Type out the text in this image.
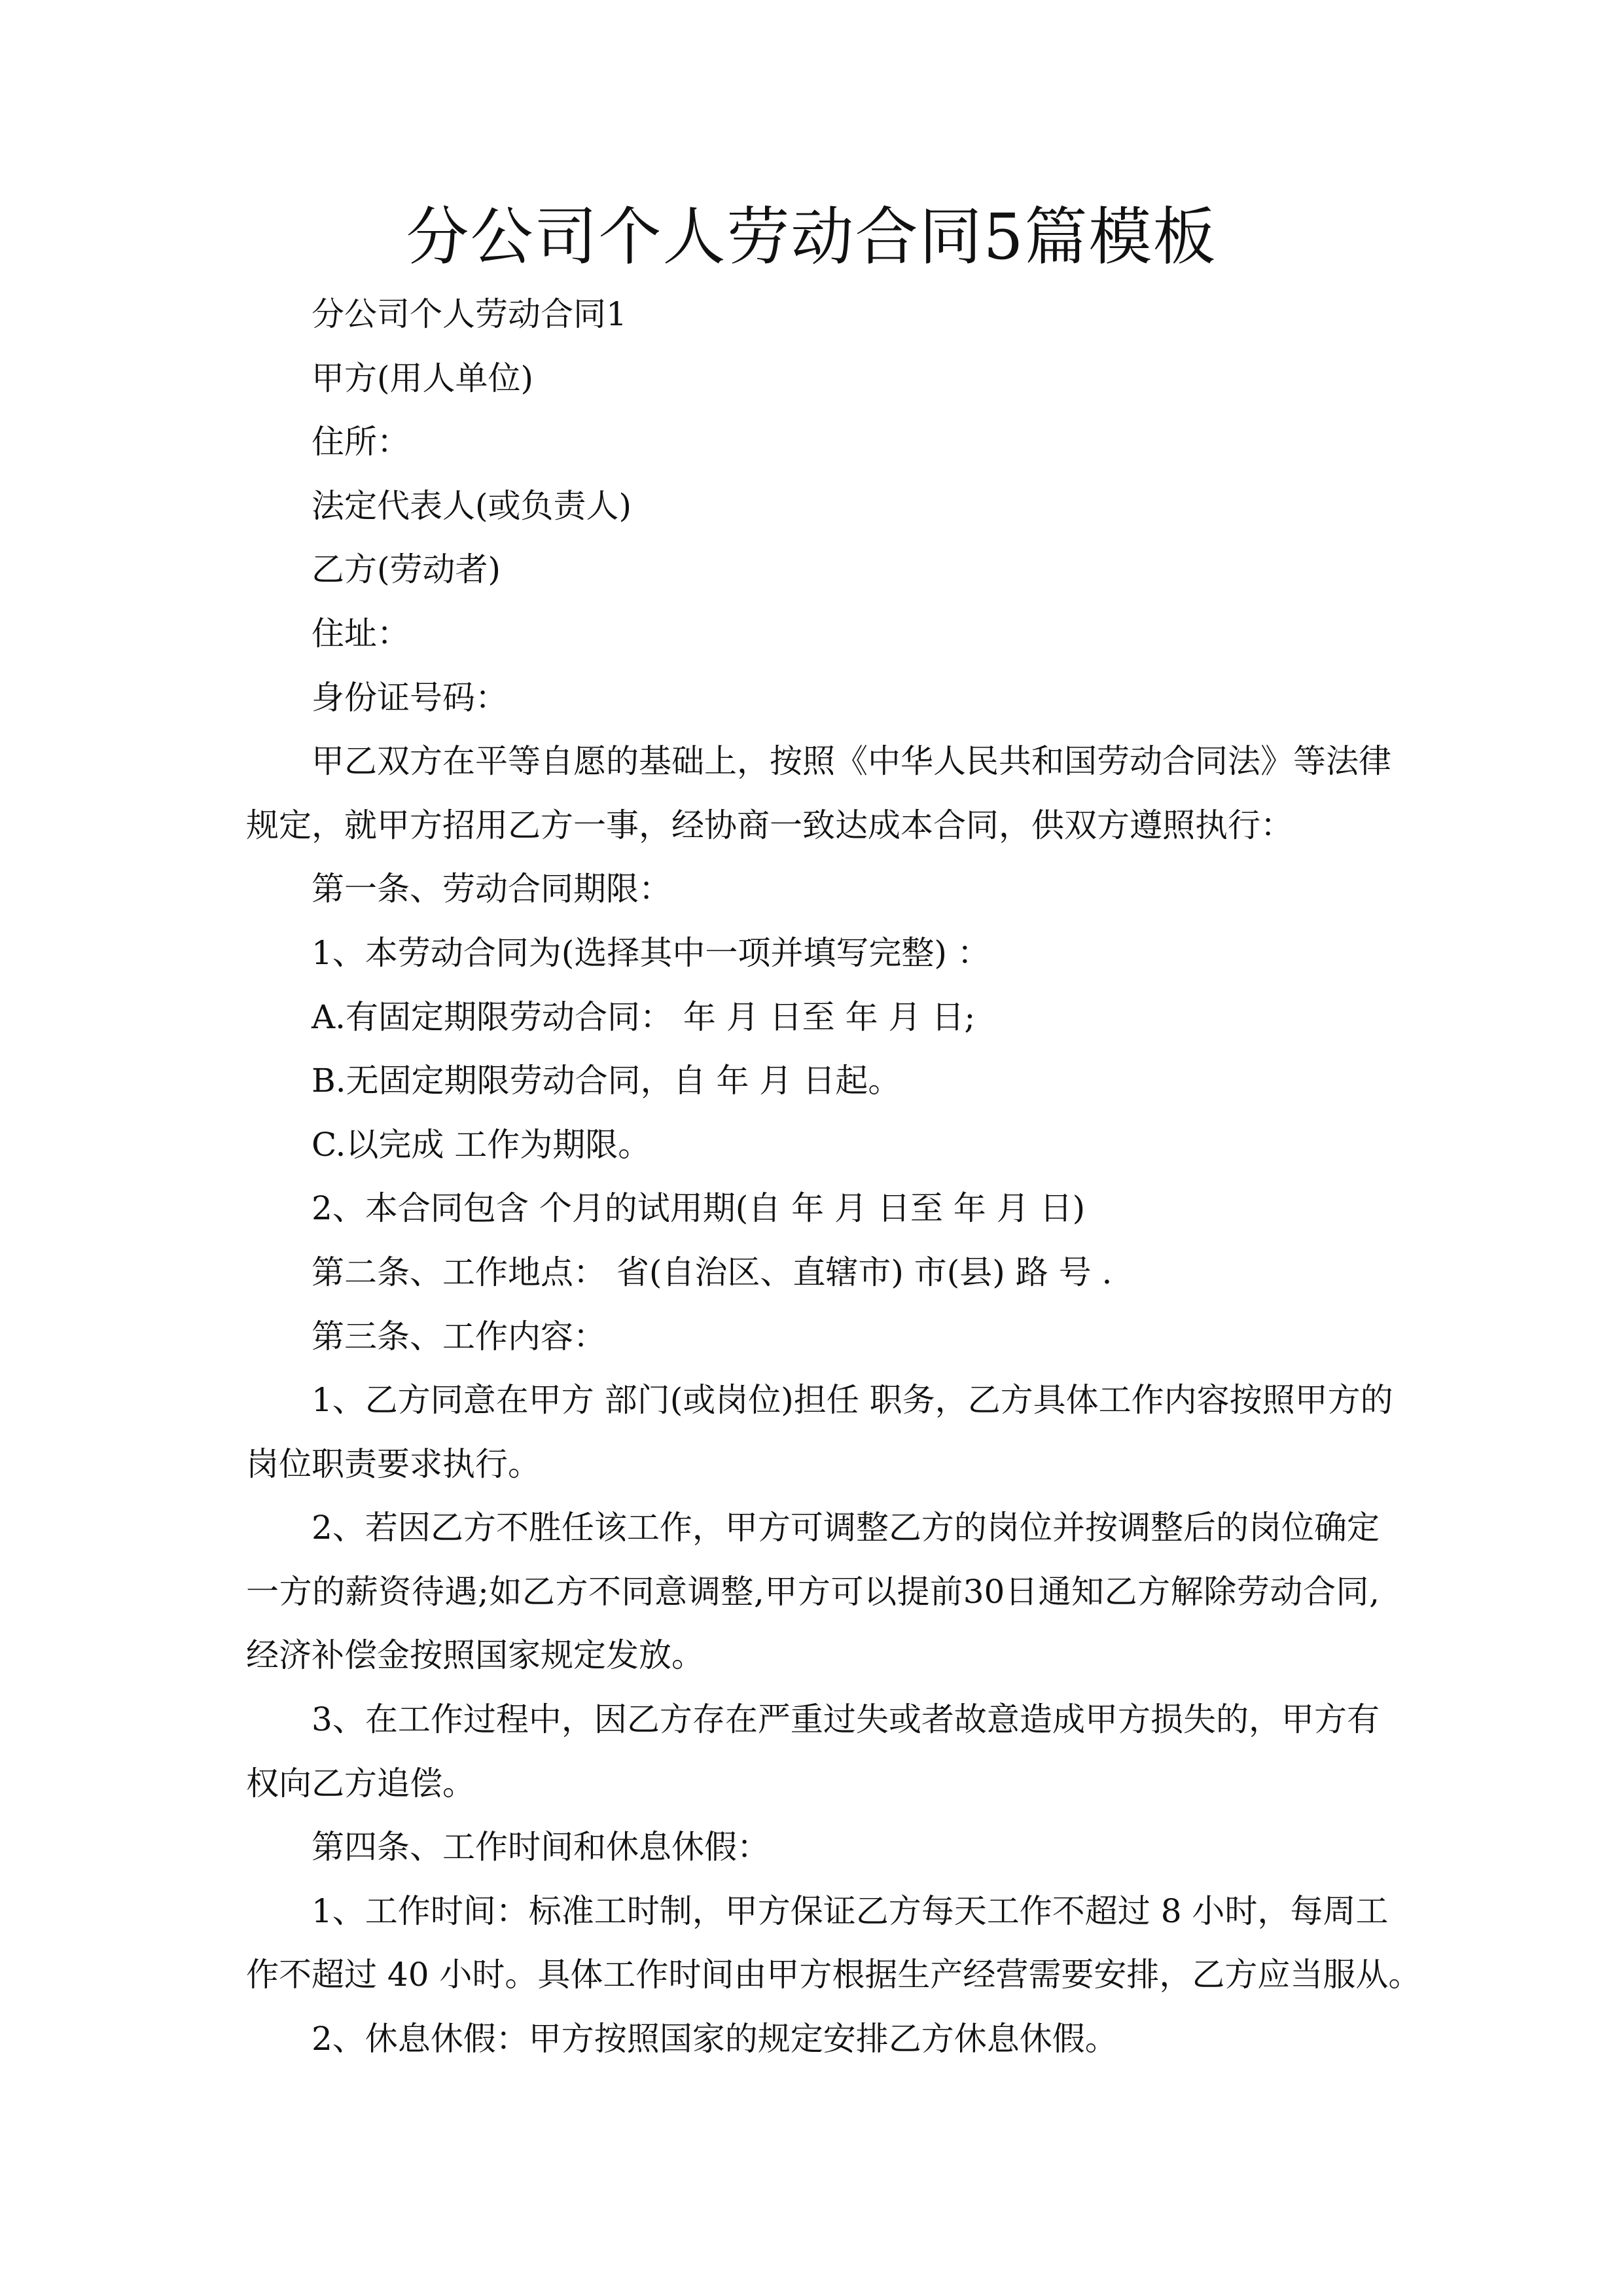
分公司个人劳动合同5篇模板
分公司个人劳动合同1
甲方(用人单位)
住所：
法定代表人(或负责人)
乙方(劳动者)
住址：
身份证号码：
甲乙双方在平等自愿的基础上，按照《中华人民共和国劳动合同法》等法律
规定，就甲方招用乙方一事，经协商一致达成本合同，供双方遵照执行：
第一条、劳动合同期限：
1、本劳动合同为(选择其中一项并填写完整) ：
A.有固定期限劳动合同： 年 月 日至 年 月 日;
B.无固定期限劳动合同，自 年 月 日起。
C.以完成 工作为期限。
2、本合同包含 个月的试用期(自 年 月 日至 年 月 日)
第二条、工作地点： 省(自治区、直辖市) 市(县) 路 号 .
第三条、工作内容：
1、乙方同意在甲方 部门(或岗位)担任 职务，乙方具体工作内容按照甲方的
岗位职责要求执行。
2、若因乙方不胜任该工作，甲方可调整乙方的岗位并按调整后的岗位确定
一方的薪资待遇;如乙方不同意调整,甲方可以提前30日通知乙方解除劳动合同,
经济补偿金按照国家规定发放。
3、在工作过程中，因乙方存在严重过失或者故意造成甲方损失的，甲方有
权向乙方追偿。
第四条、工作时间和休息休假：
1、工作时间：标准工时制，甲方保证乙方每天工作不超过 8 小时，每周工
作不超过 40 小时。具体工作时间由甲方根据生产经营需要安排，乙方应当服从。
2、休息休假：甲方按照国家的规定安排乙方休息休假。
